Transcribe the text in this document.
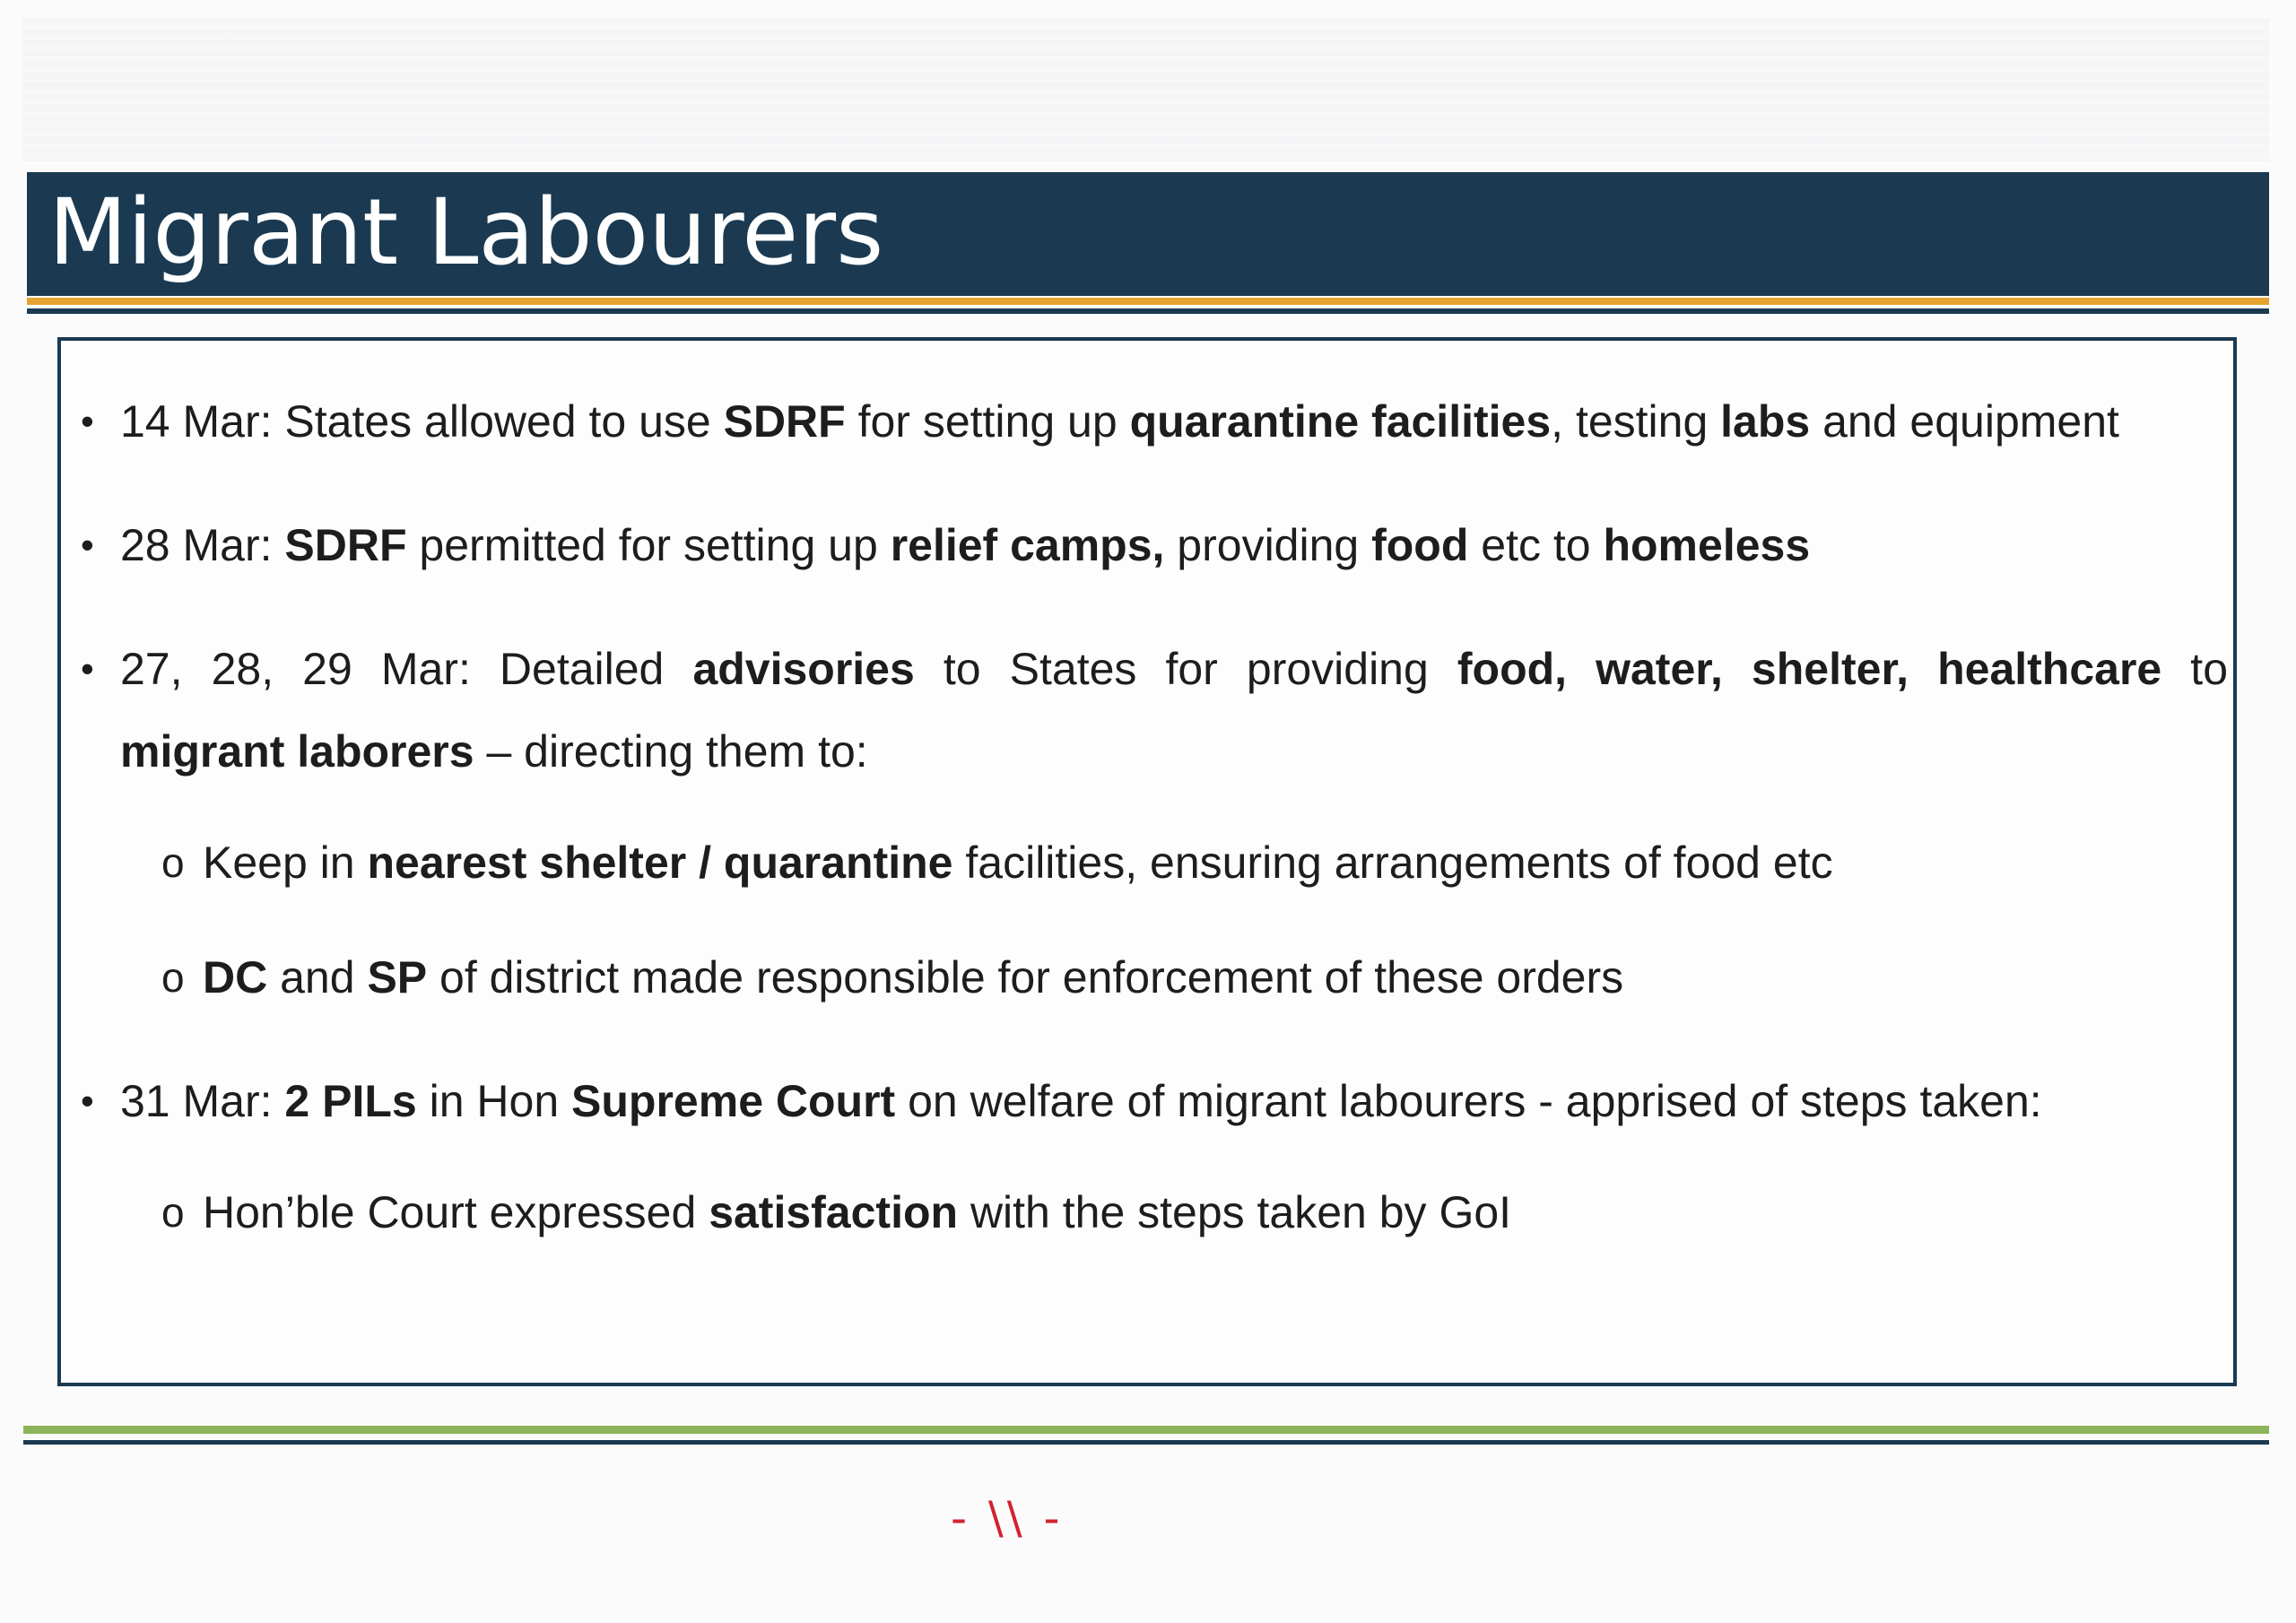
Migrant Labourers
• 14 Mar: States allowed to use SDRF for setting up quarantine facilities, testing labs and equipment
• 28 Mar: SDRF permitted for setting up relief camps, providing food etc to homeless
• 27, 28, 29 Mar: Detailed advisories to States for providing food, water, shelter, healthcare to
migrant laborers – directing them to:
o Keep in nearest shelter / quarantine facilities, ensuring arrangements of food etc
o DC and SP of district made responsible for enforcement of these orders
• 31 Mar: 2 PILs in Hon Supreme Court on welfare of migrant labourers - apprised of steps taken:
o Hon’ble Court expressed satisfaction with the steps taken by GoI
- \\ -
